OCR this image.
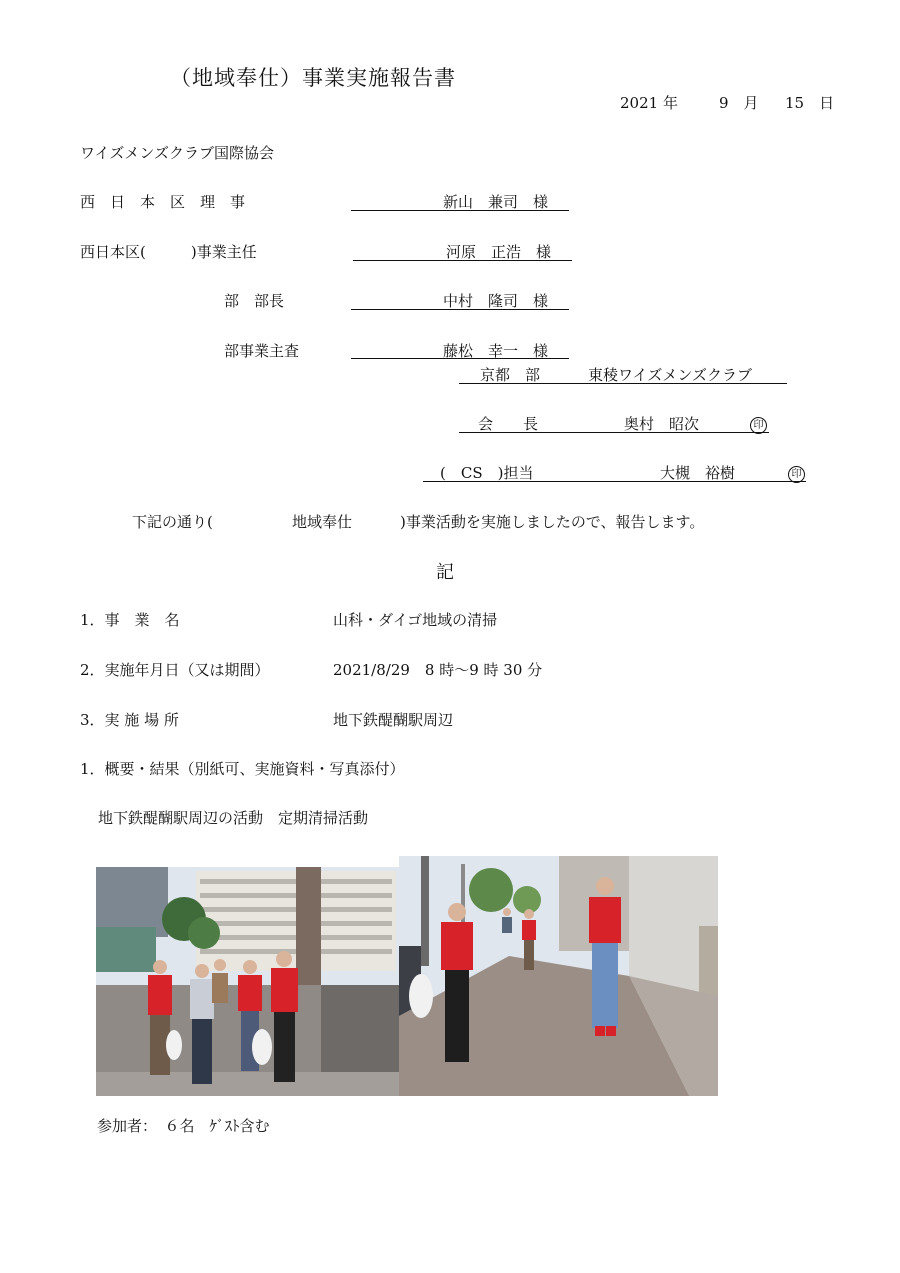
（地域奉仕）事業実施報告書
2021 年	9　月 15　日
ワイズメンズクラブ国際協会
西　日　本　区　理　事	新山　兼司　様
西日本区(　　　)事業主任	河原　正浩　様
部　部長	中村　隆司　様
部事業主査	藤松　幸一　様
京都　部	東稜ワイズメンズクラブ
会　　長	奥村　昭次	印
(　CS　)担当	大槻　裕樹	印
下記の通り(	地域奉仕	)事業活動を実施しましたので、報告します。
記
1．事　業　名	山科・ダイゴ地域の清掃
2．実施年月日（又は期間）	2021/8/29　8 時～9 時 30 分
3．実 施 場 所	地下鉄醍醐駅周辺
1．概要・結果（別紙可、実施資料・写真添付）
地下鉄醍醐駅周辺の活動　定期清掃活動
参加者：　６名　ｹﾞｽﾄ含む
